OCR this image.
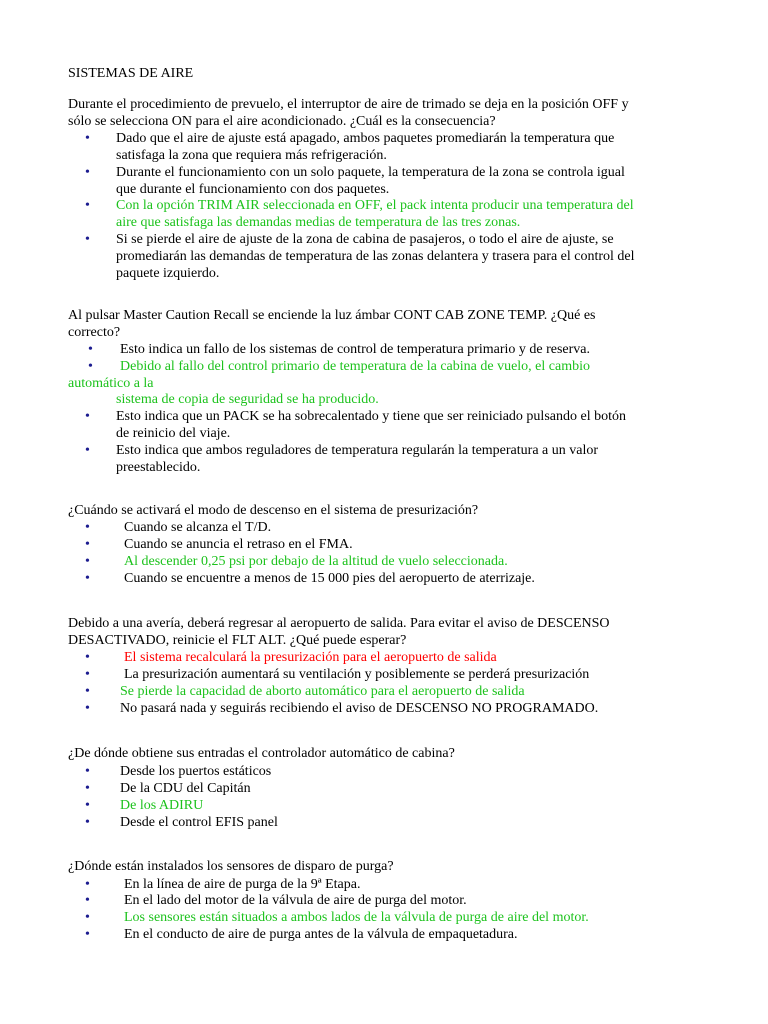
SISTEMAS DE AIRE
Durante el procedimiento de prevuelo, el interruptor de aire de trimado se deja en la posición OFF y
sólo se selecciona ON para el aire acondicionado. ¿Cuál es la consecuencia?
• Dado que el aire de ajuste está apagado, ambos paquetes promediarán la temperatura que
satisfaga la zona que requiera más refrigeración.
• Durante el funcionamiento con un solo paquete, la temperatura de la zona se controla igual
que durante el funcionamiento con dos paquetes.
• Con la opción TRIM AIR seleccionada en OFF, el pack intenta producir una temperatura del
aire que satisfaga las demandas medias de temperatura de las tres zonas.
• Si se pierde el aire de ajuste de la zona de cabina de pasajeros, o todo el aire de ajuste, se
promediarán las demandas de temperatura de las zonas delantera y trasera para el control del
paquete izquierdo.
Al pulsar Master Caution Recall se enciende la luz ámbar CONT CAB ZONE TEMP. ¿Qué es
correcto?
• Esto indica un fallo de los sistemas de control de temperatura primario y de reserva.
• Debido al fallo del control primario de temperatura de la cabina de vuelo, el cambio
automático a la
sistema de copia de seguridad se ha producido.
• Esto indica que un PACK se ha sobrecalentado y tiene que ser reiniciado pulsando el botón
de reinicio del viaje.
• Esto indica que ambos reguladores de temperatura regularán la temperatura a un valor
preestablecido.
¿Cuándo se activará el modo de descenso en el sistema de presurización?
• Cuando se alcanza el T/D.
• Cuando se anuncia el retraso en el FMA.
• Al descender 0,25 psi por debajo de la altitud de vuelo seleccionada.
• Cuando se encuentre a menos de 15 000 pies del aeropuerto de aterrizaje.
Debido a una avería, deberá regresar al aeropuerto de salida. Para evitar el aviso de DESCENSO
DESACTIVADO, reinicie el FLT ALT. ¿Qué puede esperar?
• El sistema recalculará la presurización para el aeropuerto de salida
• La presurización aumentará su ventilación y posiblemente se perderá presurización
• Se pierde la capacidad de aborto automático para el aeropuerto de salida
• No pasará nada y seguirás recibiendo el aviso de DESCENSO NO PROGRAMADO.
¿De dónde obtiene sus entradas el controlador automático de cabina?
• Desde los puertos estáticos
• De la CDU del Capitán
• De los ADIRU
• Desde el control EFIS panel
¿Dónde están instalados los sensores de disparo de purga?
• En la línea de aire de purga de la 9ª Etapa.
• En el lado del motor de la válvula de aire de purga del motor.
• Los sensores están situados a ambos lados de la válvula de purga de aire del motor.
• En el conducto de aire de purga antes de la válvula de empaquetadura.
